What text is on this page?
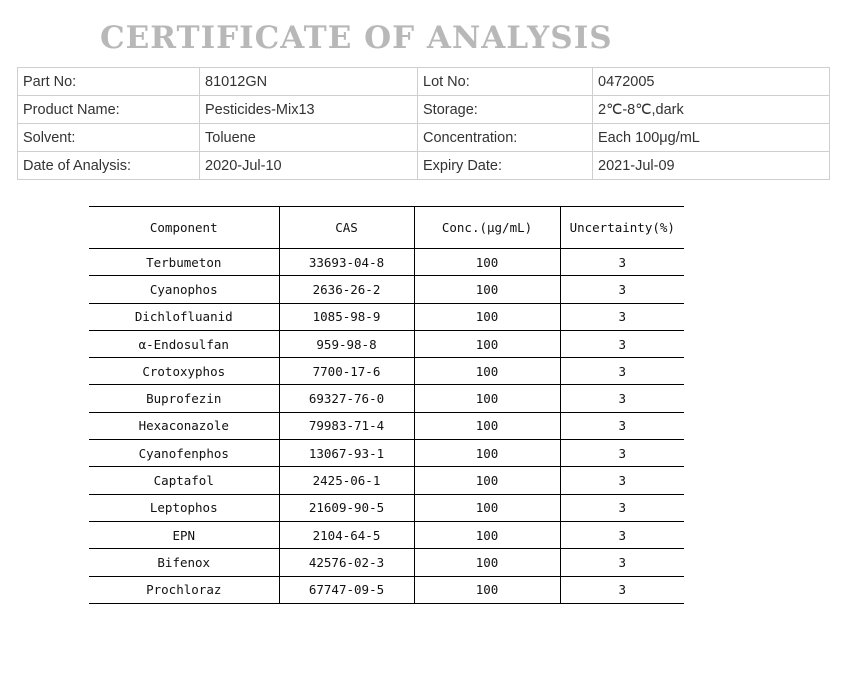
CERTIFICATE OF ANALYSIS
Part No:	81012GN	Lot No:	0472005
Product Name:	Pesticides-Mix13	Storage:	2℃-8℃,dark
Solvent:	Toluene	Concentration:	Each 100μg/mL
Date of Analysis:	2020-Jul-10	Expiry Date:	2021-Jul-09
Component	CAS	Conc.(μg/mL)	Uncertainty(%)
Terbumeton	33693-04-8	100	3
Cyanophos	2636-26-2	100	3
Dichlofluanid	1085-98-9	100	3
α-Endosulfan	959-98-8	100	3
Crotoxyphos	7700-17-6	100	3
Buprofezin	69327-76-0	100	3
Hexaconazole	79983-71-4	100	3
Cyanofenphos	13067-93-1	100	3
Captafol	2425-06-1	100	3
Leptophos	21609-90-5	100	3
EPN	2104-64-5	100	3
Bifenox	42576-02-3	100	3
Prochloraz	67747-09-5	100	3
